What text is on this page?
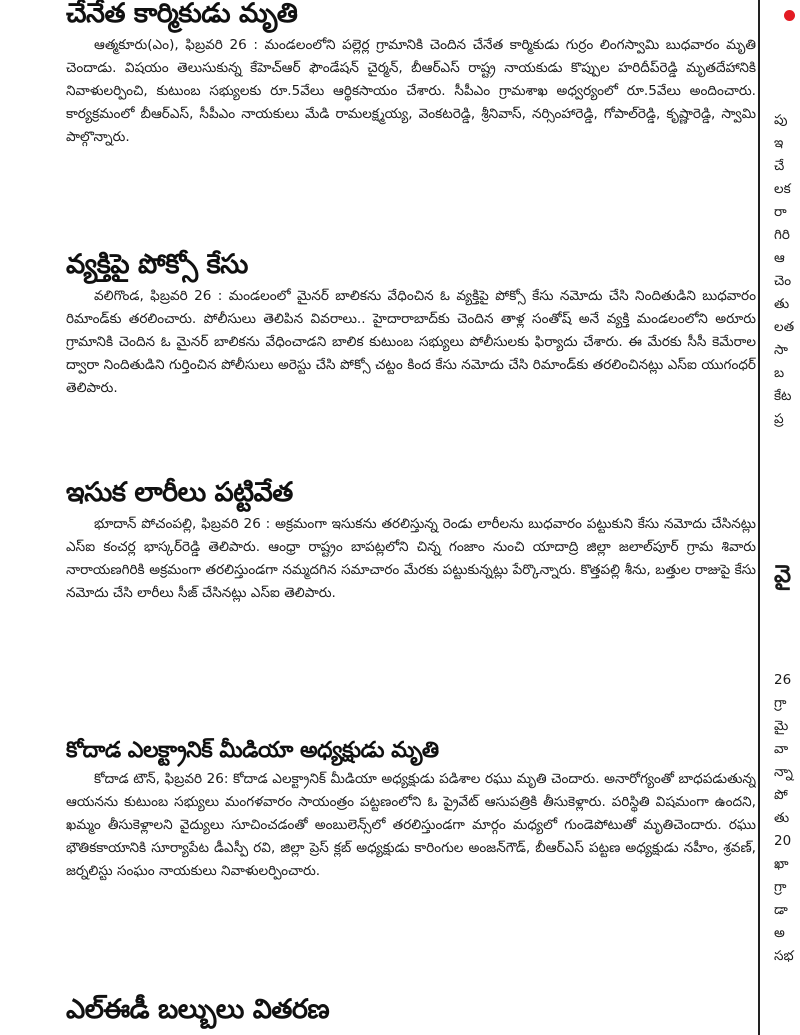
చేనేత కార్మికుడు మృతి

ఆత్మకూరు(ఎం), ఫిబ్రవరి 26 : మండలంలోని పల్లెర్ల గ్రామానికి చెందిన చేనేత కార్మికుడు గుర్రం లింగస్వామి బుధవారం మృతి చెందాడు. విషయం తెలుసుకున్న కేహెచ్ఆర్ ఫౌండేషన్ చైర్మన్, బీఆర్ఎస్ రాష్ట్ర నాయకుడు కొప్పుల హరిదీప్‌రెడ్డి మృతదేహానికి నివాళులర్పించి, కుటుంబ సభ్యులకు రూ.5వేలు ఆర్థికసాయం చేశారు. సీపీఎం గ్రామశాఖ అధ్వర్యంలో రూ.5వేలు అందించారు. కార్యక్రమంలో బీఆర్ఎస్, సీపీఎం నాయకులు మేడి రామలక్ష్మయ్య, వెంకటరెడ్డి, శ్రీనివాస్, నర్సింహారెడ్డి, గోపాల్‌రెడ్డి, కృష్ణారెడ్డి, స్వామి పాల్గొన్నారు.

వ్యక్తిపై పోక్సో కేసు

వలిగొండ, ఫిబ్రవరి 26 : మండలంలో మైనర్ బాలికను వేధించిన ఓ వ్యక్తిపై పోక్సో కేసు నమోదు చేసి నిందితుడిని బుధవారం రిమాండ్‌కు తరలించారు. పోలీసులు తెలిపిన వివరాలు.. హైదారాబాద్‌కు చెందిన తాళ్ల సంతోష్ అనే వ్యక్తి మండలంలోని అరూరు గ్రామానికి చెందిన ఓ మైనర్ బాలికను వేధించాడని బాలిక కుటుంబ సభ్యులు పోలీసులకు ఫిర్యాదు చేశారు. ఈ మేరకు సీసీ కెమేరాల ద్వారా నిందితుడిని గుర్తించిన పోలీసులు అరెస్టు చేసి పోక్సో చట్టం కింద కేసు నమోదు చేసి రిమాండ్‌కు తరలించినట్లు ఎస్ఐ యుగంధర్ తెలిపారు.

ఇసుక లారీలు పట్టివేత

భూదాన్ పోచంపల్లి, ఫిబ్రవరి 26 : అక్రమంగా ఇసుకను తరలిస్తున్న రెండు లారీలను బుధవారం పట్టుకుని కేసు నమోదు చేసినట్లు ఎస్ఐ కంచర్ల భాస్కర్‌రెడ్డి తెలిపారు. ఆంధ్రా రాష్ట్రం బాపట్లలోని చిన్న గంజాం నుంచి యాదాద్రి జిల్లా జలాల్‌పూర్ గ్రామ శివారు నారాయణగిరికి అక్రమంగా తరలిస్తుండగా నమ్మదగిన సమాచారం మేరకు పట్టుకున్నట్లు పేర్కొన్నారు. కొత్తపల్లి శీను, బత్తుల రాజుపై కేసు నమోదు చేసి లారీలు సీజ్ చేసినట్లు ఎస్ఐ తెలిపారు.

కోదాడ ఎలక్ట్రానిక్ మీడియా అధ్యక్షుడు మృతి

కోదాడ టౌన్, ఫిబ్రవరి 26: కోదాడ ఎలక్ట్రానిక్ మీడియా అధ్యక్షుడు పడిశాల రఘు మృతి చెందారు. అనారోగ్యంతో బాధపడుతున్న ఆయనను కుటుంబ సభ్యులు మంగళవారం సాయంత్రం పట్టణంలోని ఓ ప్రైవేట్ ఆసుపత్రికి తీసుకెళ్లారు. పరిస్థితి విషమంగా ఉందని, ఖమ్మం తీసుకెళ్లాలని వైద్యులు సూచించడంతో అంబులెన్స్‌లో తరలిస్తుండగా మార్గం మధ్యలో గుండెపోటుతో మృతిచెందారు. రఘు భౌతికకాయానికి సూర్యాపేట డీఎస్పీ రవి, జిల్లా ప్రెస్ క్లబ్ అధ్యక్షుడు కారింగుల అంజన్‌గౌడ్, బీఆర్ఎస్ పట్టణ అధ్యక్షుడు నహీం, శ్రవణ్, జర్నలిస్టు సంఘం నాయకులు నివాళులర్పించారు.

ఎల్ఈడీ బల్బులు వితరణ
పు
ఇ
చే
లక
రా
గిరి
ఆ
చెం
తు
లత
సా
బ
కేట
ప్ర
వై
26
గ్రా
మై
వా
న్నా
పో
తు
20
ఖా
గ్రా
డా
అ
సభ
